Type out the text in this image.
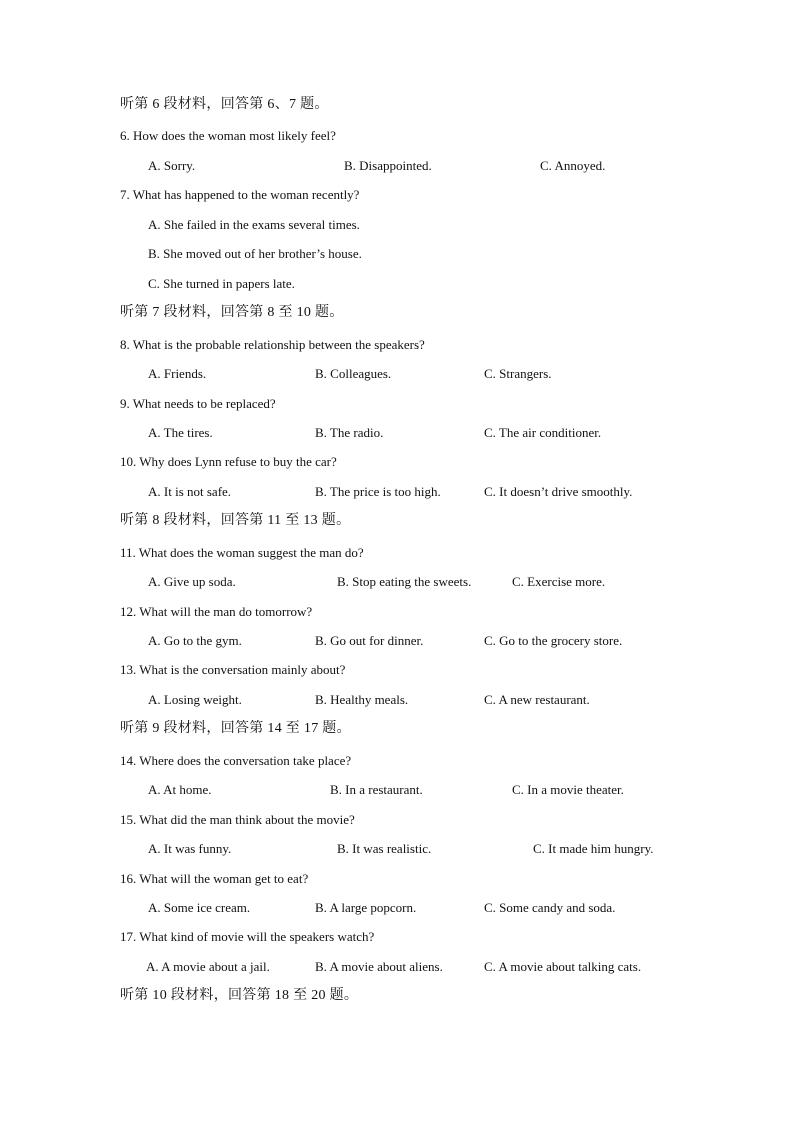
听第 6 段材料，回答第 6、7 题。
6. How does the woman most likely feel?
A. Sorry.	B. Disappointed.	C. Annoyed.
7. What has happened to the woman recently?
A. She failed in the exams several times.
B. She moved out of her brother’s house.
C. She turned in papers late.
听第 7 段材料，回答第 8 至 10 题。
8. What is the probable relationship between the speakers?
A. Friends.	B. Colleagues.	C. Strangers.
9. What needs to be replaced?
A. The tires.	B. The radio.	C. The air conditioner.
10. Why does Lynn refuse to buy the car?
A. It is not safe.	B. The price is too high.	C. It doesn’t drive smoothly.
听第 8 段材料，回答第 11 至 13 题。
11. What does the woman suggest the man do?
A. Give up soda.	B. Stop eating the sweets.	C. Exercise more.
12. What will the man do tomorrow?
A. Go to the gym.	B. Go out for dinner.	C. Go to the grocery store.
13. What is the conversation mainly about?
A. Losing weight.	B. Healthy meals.	C. A new restaurant.
听第 9 段材料，回答第 14 至 17 题。
14. Where does the conversation take place?
A. At home.	B. In a restaurant.	C. In a movie theater.
15. What did the man think about the movie?
A. It was funny.	B. It was realistic.	C. It made him hungry.
16. What will the woman get to eat?
A. Some ice cream.	B. A large popcorn.	C. Some candy and soda.
17. What kind of movie will the speakers watch?
A. A movie about a jail.	B. A movie about aliens.	C. A movie about talking cats.
听第 10 段材料，回答第 18 至 20 题。
